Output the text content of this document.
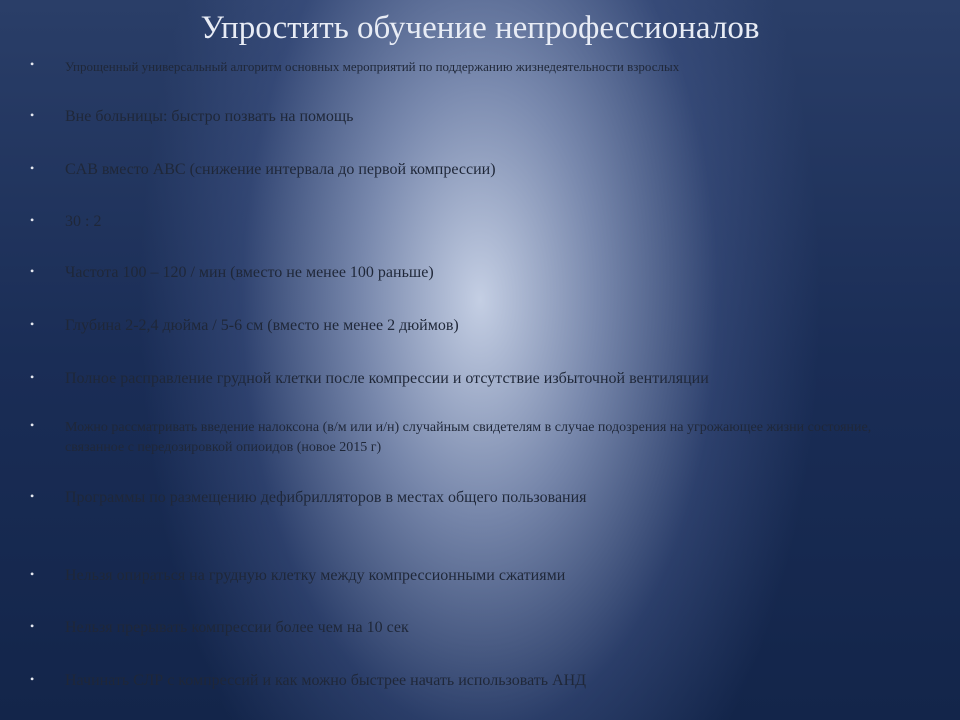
Упростить обучение непрофессионалов
• Упрощенный универсальный алгоритм основных мероприятий по поддержанию жизнедеятельности взрослых
• Вне больницы: быстро позвать на помощь
• CAB вместо ABC (снижение интервала до первой компрессии)
• 30 : 2
• Частота 100 – 120 / мин (вместо не менее 100 раньше)
• Глубина 2-2,4 дюйма / 5-6 см (вместо не менее 2 дюймов)
• Полное расправление грудной клетки после компрессии и отсутствие избыточной вентиляции
• Можно рассматривать введение налоксона (в/м или и/н) случайным свидетелям в случае подозрения на угрожающее жизни состояние, связанное с передозировкой опиоидов (новое 2015 г)
• Программы по размещению дефибрилляторов в местах общего пользования
• Нельзя опираться на грудную клетку между компрессионными сжатиями
• Нельзя прерывать компрессии более чем на 10 сек
• Начинать СЛР с компрессий и как можно быстрее начать использовать АНД
